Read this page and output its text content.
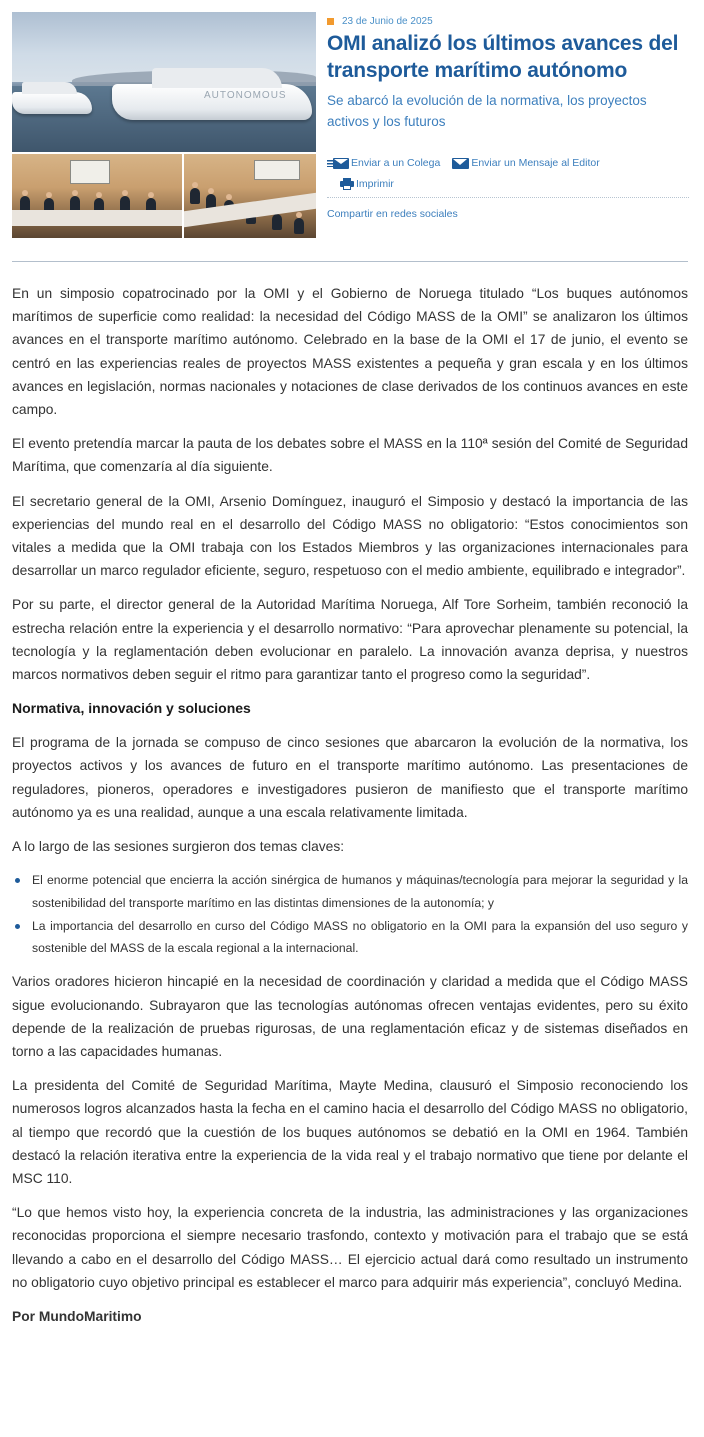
AUTONOMOUS
23 de Junio de 2025
OMI analizó los últimos avances del transporte marítimo autónomo

Se abarcó la evolución de la normativa, los proyectos activos y los futuros

Enviar a un Colega	Enviar un Mensaje al Editor
Imprimir
Compartir en redes sociales

En un simposio copatrocinado por la OMI y el Gobierno de Noruega titulado “Los buques autónomos marítimos de superficie como realidad: la necesidad del Código MASS de la OMI” se analizaron los últimos avances en el transporte marítimo autónomo. Celebrado en la base de la OMI el 17 de junio, el evento se centró en las experiencias reales de proyectos MASS existentes a pequeña y gran escala y en los últimos avances en legislación, normas nacionales y notaciones de clase derivados de los continuos avances en este campo.

El evento pretendía marcar la pauta de los debates sobre el MASS en la 110ª sesión del Comité de Seguridad Marítima, que comenzaría al día siguiente.

El secretario general de la OMI, Arsenio Domínguez, inauguró el Simposio y destacó la importancia de las experiencias del mundo real en el desarrollo del Código MASS no obligatorio: “Estos conocimientos son vitales a medida que la OMI trabaja con los Estados Miembros y las organizaciones internacionales para desarrollar un marco regulador eficiente, seguro, respetuoso con el medio ambiente, equilibrado e integrador”.

Por su parte, el director general de la Autoridad Marítima Noruega, Alf Tore Sorheim, también reconoció la estrecha relación entre la experiencia y el desarrollo normativo: “Para aprovechar plenamente su potencial, la tecnología y la reglamentación deben evolucionar en paralelo. La innovación avanza deprisa, y nuestros marcos normativos deben seguir el ritmo para garantizar tanto el progreso como la seguridad”.

Normativa, innovación y soluciones

El programa de la jornada se compuso de cinco sesiones que abarcaron la evolución de la normativa, los proyectos activos y los avances de futuro en el transporte marítimo autónomo. Las presentaciones de reguladores, pioneros, operadores e investigadores pusieron de manifiesto que el transporte marítimo autónomo ya es una realidad, aunque a una escala relativamente limitada.

A lo largo de las sesiones surgieron dos temas claves:

El enorme potencial que encierra la acción sinérgica de humanos y máquinas/tecnología para mejorar la seguridad y la sostenibilidad del transporte marítimo en las distintas dimensiones de la autonomía; y
La importancia del desarrollo en curso del Código MASS no obligatorio en la OMI para la expansión del uso seguro y sostenible del MASS de la escala regional a la internacional.

Varios oradores hicieron hincapié en la necesidad de coordinación y claridad a medida que el Código MASS sigue evolucionando. Subrayaron que las tecnologías autónomas ofrecen ventajas evidentes, pero su éxito depende de la realización de pruebas rigurosas, de una reglamentación eficaz y de sistemas diseñados en torno a las capacidades humanas.

La presidenta del Comité de Seguridad Marítima, Mayte Medina, clausuró el Simposio reconociendo los numerosos logros alcanzados hasta la fecha en el camino hacia el desarrollo del Código MASS no obligatorio, al tiempo que recordó que la cuestión de los buques autónomos se debatió en la OMI en 1964. También destacó la relación iterativa entre la experiencia de la vida real y el trabajo normativo que tiene por delante el MSC 110.

“Lo que hemos visto hoy, la experiencia concreta de la industria, las administraciones y las organizaciones reconocidas proporciona el siempre necesario trasfondo, contexto y motivación para el trabajo que se está llevando a cabo en el desarrollo del Código MASS… El ejercicio actual dará como resultado un instrumento no obligatorio cuyo objetivo principal es establecer el marco para adquirir más experiencia”, concluyó Medina.

Por MundoMaritimo
